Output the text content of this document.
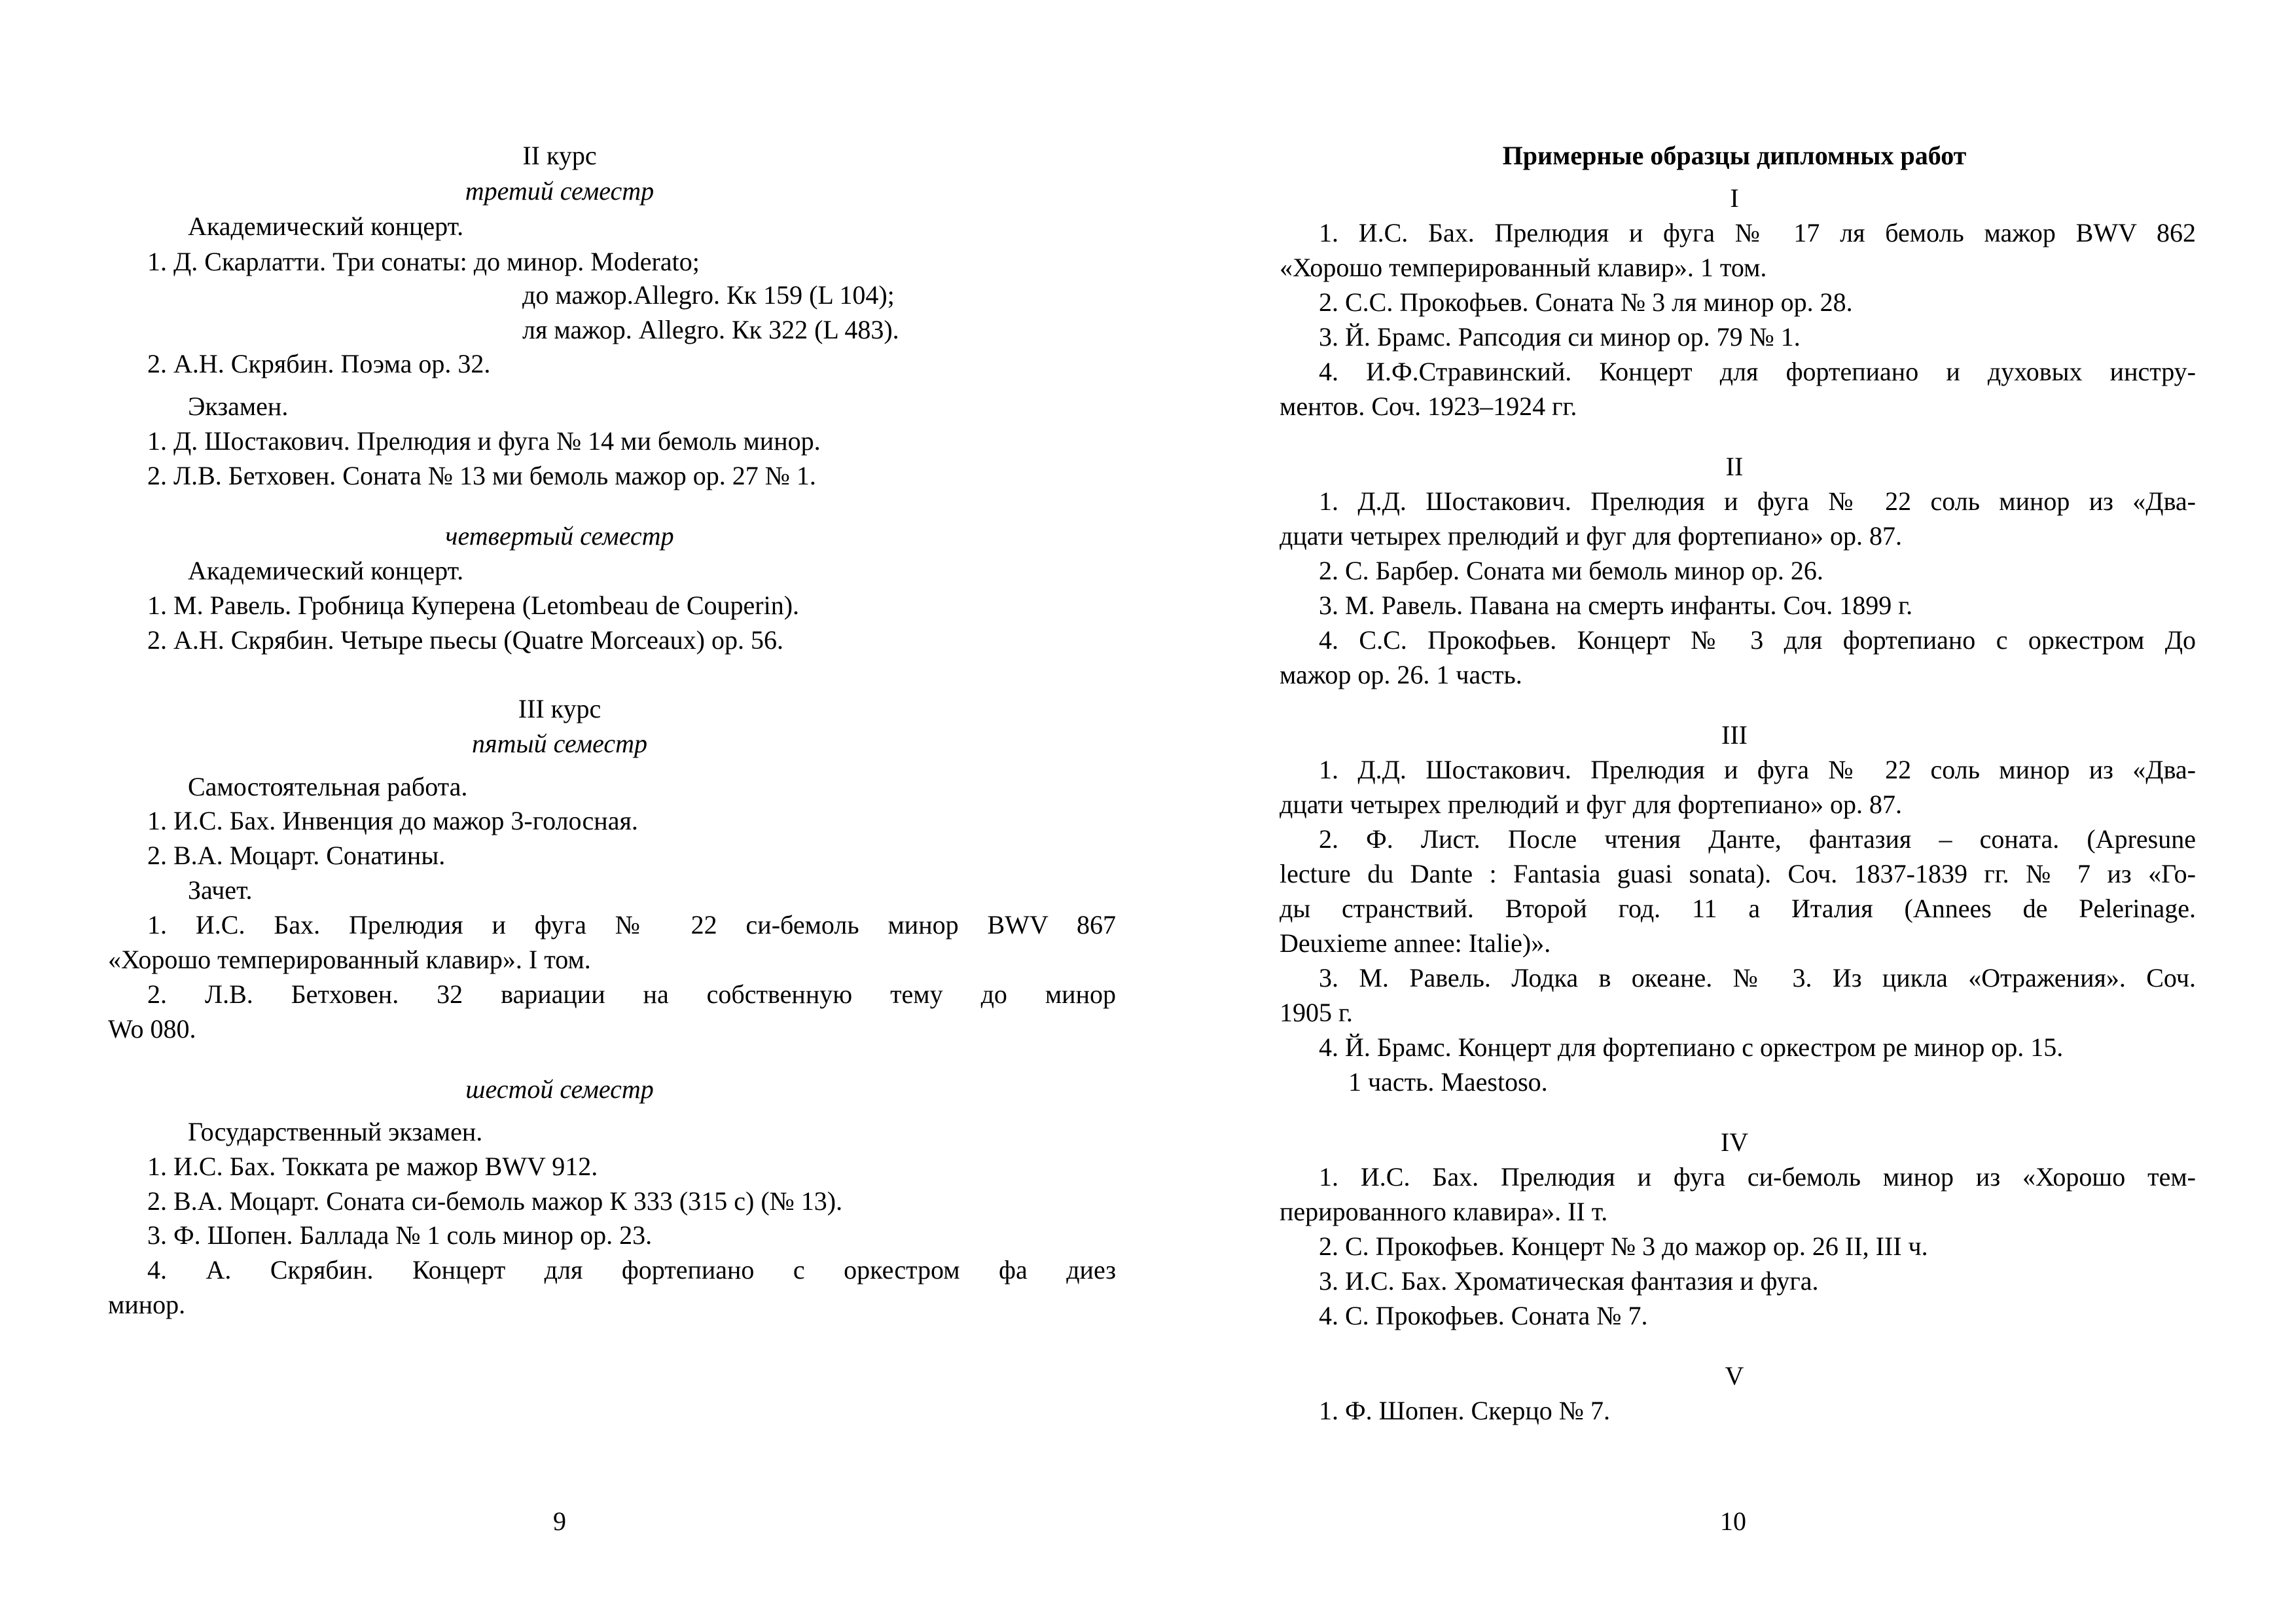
II курс
третий семестр
Академический концерт.
1. Д. Скарлатти. Три сонаты: до минор. Moderato;
до мажор.Allegro. Кк 159 (L 104);
ля мажор. Allegro. Кк 322 (L 483).
2. А.Н. Скрябин. Поэма ор. 32.
Экзамен.
1. Д. Шостакович. Прелюдия и фуга № 14 ми бемоль минор.
2. Л.В. Бетховен. Соната № 13 ми бемоль мажор ор. 27 № 1.
четвертый семестр
Академический концерт.
1. М. Равель. Гробница Куперена (Letombeau de Couperin).
2. А.Н. Скрябин. Четыре пьесы (Quatre Morceaux) ор. 56.
III курс
пятый семестр
Самостоятельная работа.
1. И.С. Бах. Инвенция до мажор 3-голосная.
2. В.А. Моцарт. Сонатины.
Зачет.
1. И.С. Бах. Прелюдия и фуга № 22 си-бемоль минор BWV 867
«Хорошо темперированный клавир». I том.
2. Л.В. Бетховен. 32 вариации на собственную тему до минор
Wo 080.
шестой семестр
Государственный экзамен.
1. И.С. Бах. Токката ре мажор BWV 912.
2. В.А. Моцарт. Соната си-бемоль мажор К 333 (315 с) (№ 13).
3. Ф. Шопен. Баллада № 1 соль минор ор. 23.
4. А. Скрябин. Концерт для фортепиано с оркестром фа диез
минор.
9
Примерные образцы дипломных работ
I
1. И.С. Бах. Прелюдия и фуга № 17 ля бемоль мажор BWV 862
«Хорошо темперированный клавир». 1 том.
2. С.С. Прокофьев. Соната № 3 ля минор ор. 28.
3. Й. Брамс. Рапсодия си минор ор. 79 № 1.
4. И.Ф.Стравинский. Концерт для фортепиано и духовых инстру-
ментов. Соч. 1923–1924 гг.
II
1. Д.Д. Шостакович. Прелюдия и фуга № 22 соль минор из «Два-
дцати четырех прелюдий и фуг для фортепиано» ор. 87.
2. С. Барбер. Соната ми бемоль минор ор. 26.
3. М. Равель. Павана на смерть инфанты. Соч. 1899 г.
4. С.С. Прокофьев. Концерт № 3 для фортепиано с оркестром До
мажор ор. 26. 1 часть.
III
1. Д.Д. Шостакович. Прелюдия и фуга № 22 соль минор из «Два-
дцати четырех прелюдий и фуг для фортепиано» ор. 87.
2. Ф. Лист. После чтения Данте, фантазия – соната. (Apresune
lecture du Dante : Fantasia guasi sonata). Соч. 1837-1839 гг. № 7 из «Го-
ды странствий. Второй год. 11 а Италия (Annees de Pelerinage.
Deuxieme annee: Italie)».
3. М. Равель. Лодка в океане. № 3. Из цикла «Отражения». Соч.
1905 г.
4. Й. Брамс. Концерт для фортепиано с оркестром ре минор ор. 15.
1 часть. Maestoso.
IV
1. И.С. Бах. Прелюдия и фуга си-бемоль минор из «Хорошо тем-
перированного клавира». II т.
2. С. Прокофьев. Концерт № 3 до мажор ор. 26 II, III ч.
3. И.С. Бах. Хроматическая фантазия и фуга.
4. С. Прокофьев. Соната № 7.
V
1. Ф. Шопен. Скерцо № 7.
10
